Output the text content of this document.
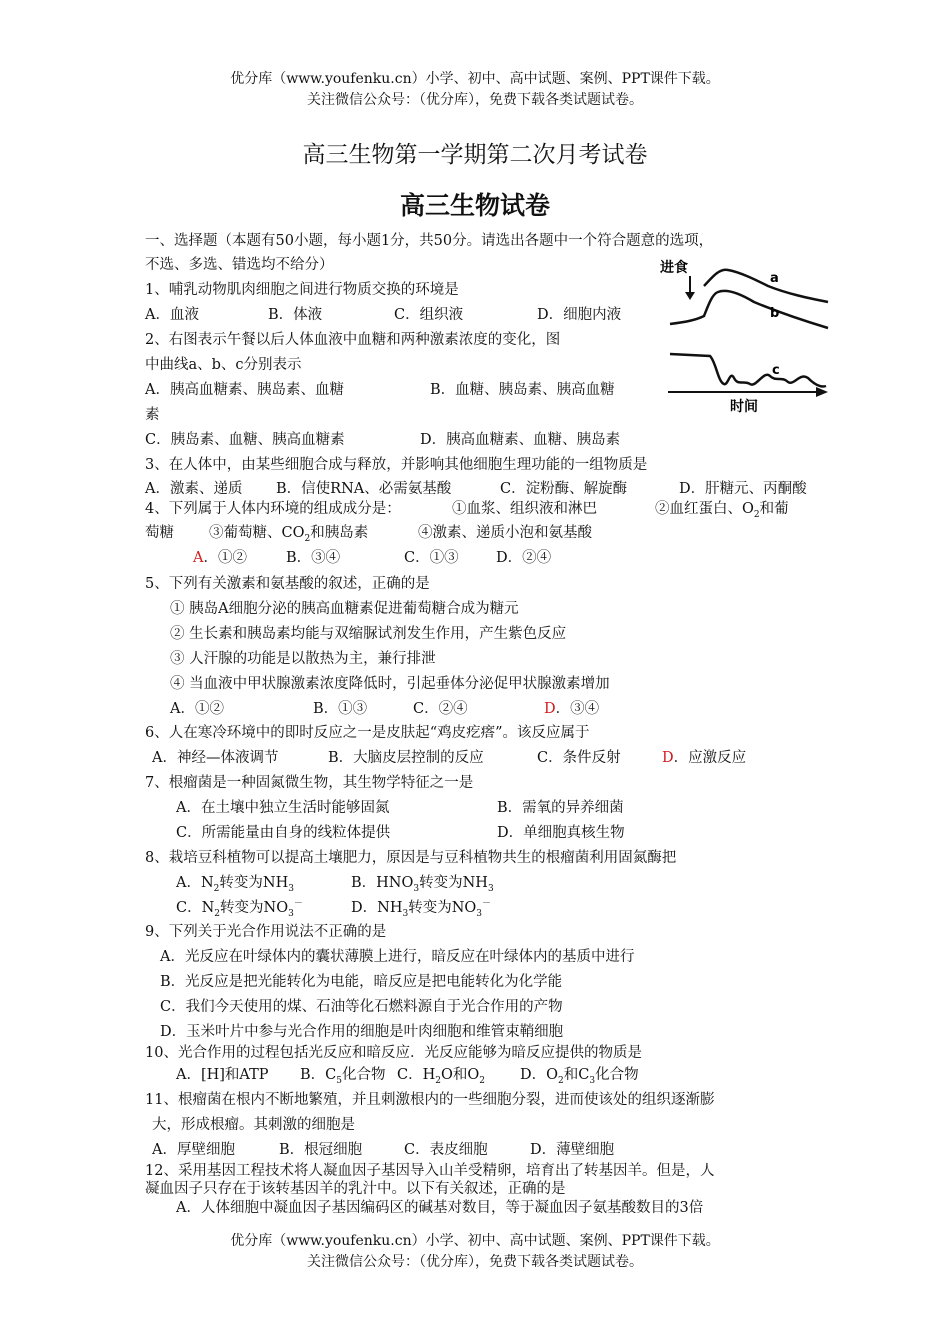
优分库（www.youfenku.cn）小学、初中、高中试题、案例、PPT课件下载。
关注微信公众号：（优分库），免费下载各类试题试卷。
高三生物第一学期第二次月考试卷
高三生物试卷
一、选择题（本题有50小题，每小题1分，共50分。请选出各题中一个符合题意的选项，
不选、多选、错选均不给分）	进食
a
b
c
时间
1、哺乳动物肌肉细胞之间进行物质交换的环境是
A．血液	B．体液	C．组织液	D．细胞内液
2、右图表示午餐以后人体血液中血糖和两种激素浓度的变化，图
中曲线a、b、c分别表示
A．胰高血糖素、胰岛素、血糖	B．血糖、胰岛素、胰高血糖
素
C．胰岛素、血糖、胰高血糖素	D．胰高血糖素、血糖、胰岛素
3、在人体中，由某些细胞合成与释放，并影响其他细胞生理功能的一组物质是
A．激素、递质 B．信使RNA、必需氨基酸	C．淀粉酶、解旋酶	D．肝糖元、丙酮酸
4、下列属于人体内环境的组成成分是：	①血浆、组织液和淋巴	②血红蛋白、$O_2$和葡
萄糖 ③葡萄糖、$CO_2$和胰岛素	④激素、递质小泡和氨基酸
A．①②	B．③④	C．①③	D．②④
5、下列有关激素和氨基酸的叙述，正确的是
① 胰岛A细胞分泌的胰高血糖素促进葡萄糖合成为糖元
② 生长素和胰岛素均能与双缩脲试剂发生作用，产生紫色反应
③ 人汗腺的功能是以散热为主，兼行排泄
④ 当血液中甲状腺激素浓度降低时，引起垂体分泌促甲状腺激素增加
A．①②	B．①③	C．②④	D．③④
6、人在寒冷环境中的即时反应之一是皮肤起“鸡皮疙瘩”。该反应属于
A．神经—体液调节	B．大脑皮层控制的反应	C．条件反射	D．应激反应
7、根瘤菌是一种固氮微生物，其生物学特征之一是
A．在土壤中独立生活时能够固氮	B．需氧的异养细菌
C．所需能量由自身的线粒体提供	D．单细胞真核生物
8、栽培豆科植物可以提高土壤肥力，原因是与豆科植物共生的根瘤菌利用固氮酶把
A．$N_2$转变为$NH_3$	B．$HNO_3$转变为$NH_3$
C．$N_2$转变为$NO_3^-$	D．$NH_3$转变为$NO_3^-$
9、下列关于光合作用说法不正确的是
A．光反应在叶绿体内的囊状薄膜上进行，暗反应在叶绿体内的基质中进行
B．光反应是把光能转化为电能，暗反应是把电能转化为化学能
C．我们今天使用的煤、石油等化石燃料源自于光合作用的产物
D．玉米叶片中参与光合作用的细胞是叶肉细胞和维管束鞘细胞
10、光合作用的过程包括光反应和暗反应．光反应能够为暗反应提供的物质是
A．[H]和ATP B．$C_5$化合物 C．$H_2O$和$O_2$ D．$O_2$和$C_3$化合物
11、根瘤菌在根内不断地繁殖，并且刺激根内的一些细胞分裂，进而使该处的组织逐渐膨
大，形成根瘤。其刺激的细胞是
A．厚壁细胞	B．根冠细胞	C．表皮细胞	D．薄壁细胞
12、采用基因工程技术将人凝血因子基因导入山羊受精卵，培育出了转基因羊。但是，人
凝血因子只存在于该转基因羊的乳汁中。以下有关叙述，正确的是
A．人体细胞中凝血因子基因编码区的碱基对数目，等于凝血因子氨基酸数目的3倍
优分库（www.youfenku.cn）小学、初中、高中试题、案例、PPT课件下载。
关注微信公众号：（优分库），免费下载各类试题试卷。
